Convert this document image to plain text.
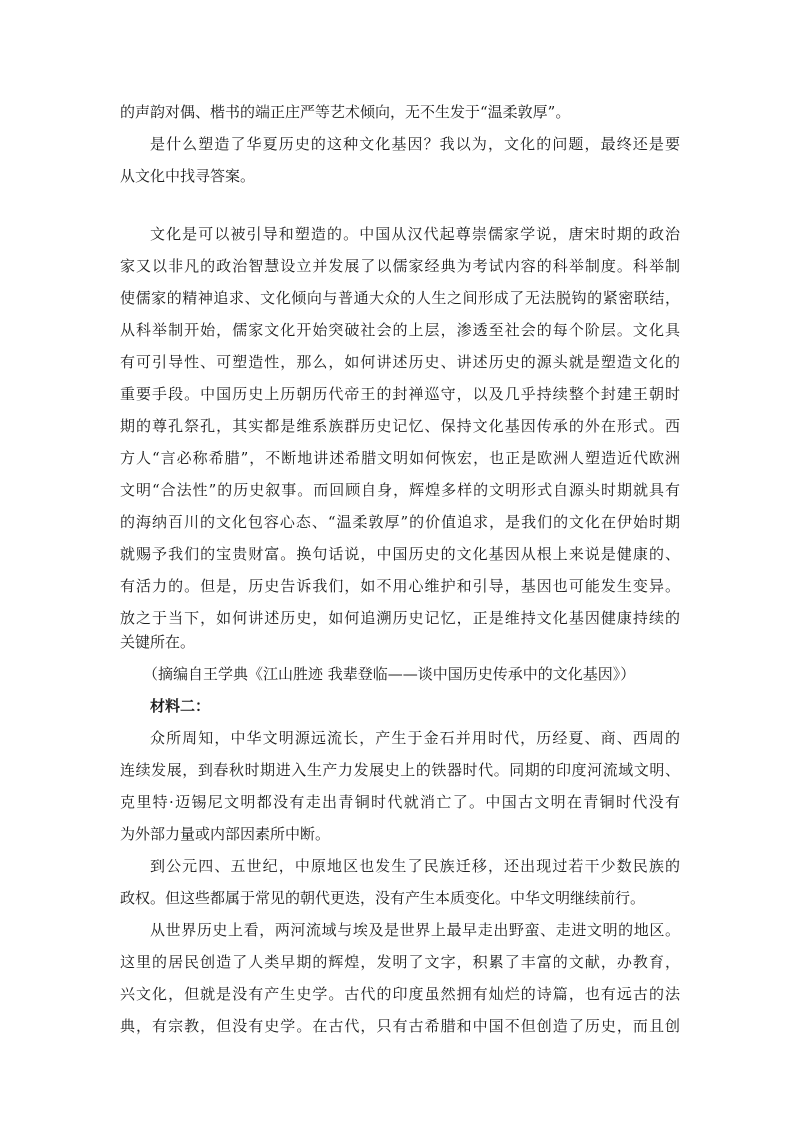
的声韵对偶、楷书的端正庄严等艺术倾向，无不生发于“温柔敦厚”。

是什么塑造了华夏历史的这种文化基因？我以为，文化的问题，最终还是要

从文化中找寻答案。

文化是可以被引导和塑造的。中国从汉代起尊崇儒家学说，唐宋时期的政治

家又以非凡的政治智慧设立并发展了以儒家经典为考试内容的科举制度。科举制

使儒家的精神追求、文化倾向与普通大众的人生之间形成了无法脱钩的紧密联结，

从科举制开始，儒家文化开始突破社会的上层，渗透至社会的每个阶层。文化具

有可引导性、可塑造性，那么，如何讲述历史、讲述历史的源头就是塑造文化的

重要手段。中国历史上历朝历代帝王的封禅巡守，以及几乎持续整个封建王朝时

期的尊孔祭孔，其实都是维系族群历史记忆、保持文化基因传承的外在形式。西

方人“言必称希腊”，不断地讲述希腊文明如何恢宏，也正是欧洲人塑造近代欧洲

文明“合法性”的历史叙事。而回顾自身，辉煌多样的文明形式自源头时期就具有

的海纳百川的文化包容心态、“温柔敦厚”的价值追求，是我们的文化在伊始时期

就赐予我们的宝贵财富。换句话说，中国历史的文化基因从根上来说是健康的、

有活力的。但是，历史告诉我们，如不用心维护和引导，基因也可能发生变异。

放之于当下，如何讲述历史，如何追溯历史记忆，正是维持文化基因健康持续的

关键所在。

（摘编自王学典《江山胜迹 我辈登临——谈中国历史传承中的文化基因》）

材料二：

众所周知，中华文明源远流长，产生于金石并用时代，历经夏、商、西周的

连续发展，到春秋时期进入生产力发展史上的铁器时代。同期的印度河流域文明、

克里特·迈锡尼文明都没有走出青铜时代就消亡了。中国古文明在青铜时代没有

为外部力量或内部因素所中断。

到公元四、五世纪，中原地区也发生了民族迁移，还出现过若干少数民族的

政权。但这些都属于常见的朝代更迭，没有产生本质变化。中华文明继续前行。

从世界历史上看，两河流域与埃及是世界上最早走出野蛮、走进文明的地区。

这里的居民创造了人类早期的辉煌，发明了文字，积累了丰富的文献，办教育，

兴文化，但就是没有产生史学。古代的印度虽然拥有灿烂的诗篇，也有远古的法

典，有宗教，但没有史学。在古代，只有古希腊和中国不但创造了历史，而且创
